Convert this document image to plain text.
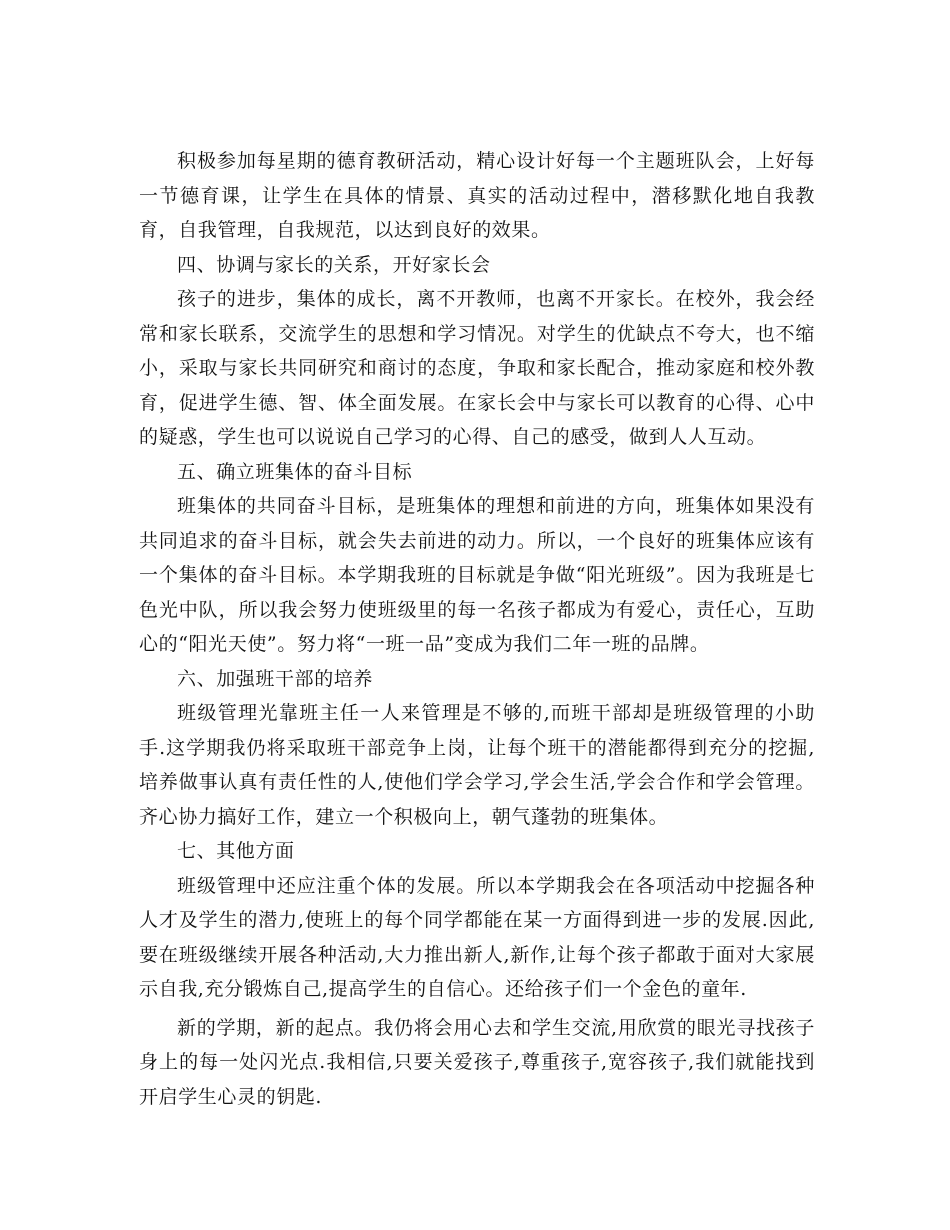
积极参加每星期的德育教研活动，精心设计好每一个主题班队会，上好每一节德育课，让学生在具体的情景、真实的活动过程中，潜移默化地自我教育，自我管理，自我规范，以达到良好的效果。

四、协调与家长的关系，开好家长会

孩子的进步，集体的成长，离不开教师，也离不开家长。在校外，我会经常和家长联系，交流学生的思想和学习情况。对学生的优缺点不夸大，也不缩小，采取与家长共同研究和商讨的态度，争取和家长配合，推动家庭和校外教育，促进学生德、智、体全面发展。在家长会中与家长可以教育的心得、心中的疑惑，学生也可以说说自己学习的心得、自己的感受，做到人人互动。

五、确立班集体的奋斗目标

班集体的共同奋斗目标，是班集体的理想和前进的方向，班集体如果没有共同追求的奋斗目标，就会失去前进的动力。所以，一个良好的班集体应该有一个集体的奋斗目标。本学期我班的目标就是争做“阳光班级”。因为我班是七色光中队，所以我会努力使班级里的每一名孩子都成为有爱心，责任心，互助心的“阳光天使”。努力将“一班一品”变成为我们二年一班的品牌。

六、加强班干部的培养

班级管理光靠班主任一人来管理是不够的,而班干部却是班级管理的小助手.这学期我仍将采取班干部竞争上岗，让每个班干的潜能都得到充分的挖掘,培养做事认真有责任性的人,使他们学会学习,学会生活,学会合作和学会管理。齐心协力搞好工作，建立一个积极向上，朝气蓬勃的班集体。

七、其他方面

班级管理中还应注重个体的发展。所以本学期我会在各项活动中挖掘各种人才及学生的潜力,使班上的每个同学都能在某一方面得到进一步的发展.因此,要在班级继续开展各种活动,大力推出新人,新作,让每个孩子都敢于面对大家展示自我,充分锻炼自己,提高学生的自信心。还给孩子们一个金色的童年.

新的学期，新的起点。我仍将会用心去和学生交流,用欣赏的眼光寻找孩子身上的每一处闪光点.我相信,只要关爱孩子,尊重孩子,宽容孩子,我们就能找到开启学生心灵的钥匙.
